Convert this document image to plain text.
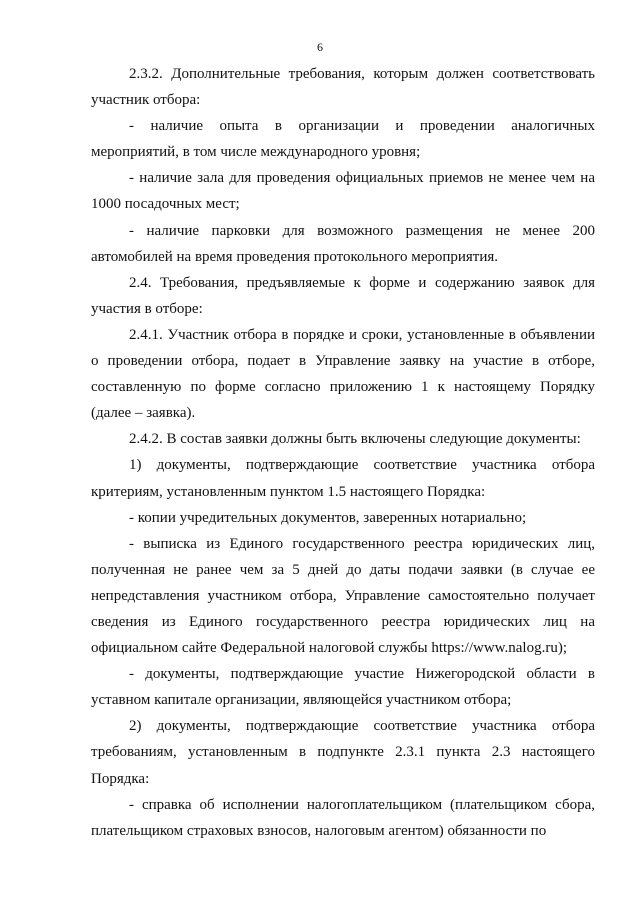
6

2.3.2. Дополнительные требования, которым должен соответствовать участник отбора:

- наличие опыта в организации и проведении аналогичных мероприятий, в том числе международного уровня;

- наличие зала для проведения официальных приемов не менее чем на 1000 посадочных мест;

- наличие парковки для возможного размещения не менее 200 автомобилей на время проведения протокольного мероприятия.

2.4. Требования, предъявляемые к форме и содержанию заявок для участия в отборе:

2.4.1. Участник отбора в порядке и сроки, установленные в объявлении о проведении отбора, подает в Управление заявку на участие в отборе, составленную по форме согласно приложению 1 к настоящему Порядку (далее – заявка).

2.4.2. В состав заявки должны быть включены следующие документы:

1) документы, подтверждающие соответствие участника отбора критериям, установленным пунктом 1.5 настоящего Порядка:

- копии учредительных документов, заверенных нотариально;

- выписка из Единого государственного реестра юридических лиц, полученная не ранее чем за 5 дней до даты подачи заявки (в случае ее непредставления участником отбора, Управление самостоятельно получает сведения из Единого государственного реестра юридических лиц на официальном сайте Федеральной налоговой службы https://www.nalog.ru);

- документы, подтверждающие участие Нижегородской области в уставном капитале организации, являющейся участником отбора;

2) документы, подтверждающие соответствие участника отбора требованиям, установленным в подпункте 2.3.1 пункта 2.3 настоящего Порядка:

- справка об исполнении налогоплательщиком (плательщиком сбора, плательщиком страховых взносов, налоговым агентом) обязанности по
